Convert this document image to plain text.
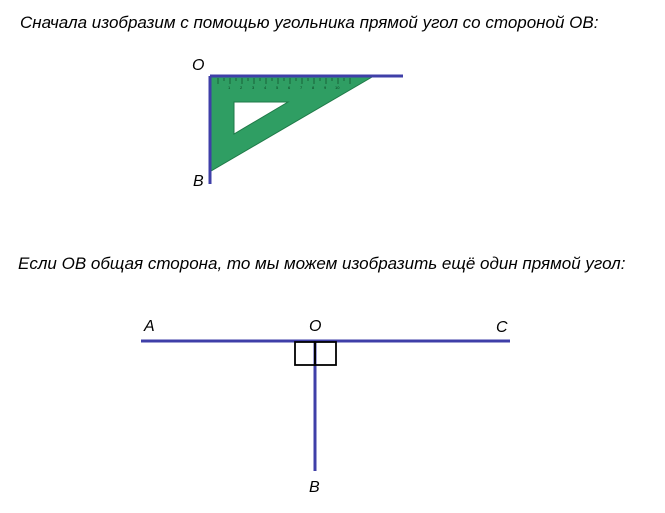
Сначала изобразим с помощью угольника прямой угол со стороной ОВ:

1 2 3 4 5 6 7 8 9 10
O
B

Если ОВ общая сторона, то мы можем изобразить ещё один прямой угол:

A	O	C
B
